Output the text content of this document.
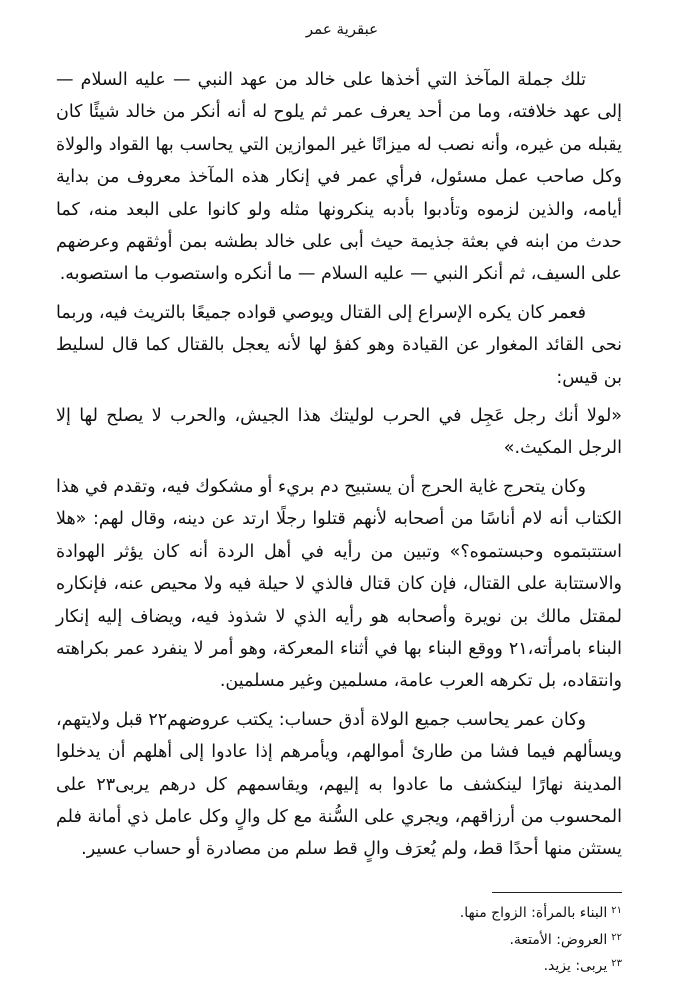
عبقرية عمر

تلك جملة المآخذ التي أخذها على خالد من عهد النبي — عليه السلام — إلى عهد خلافته، وما من أحد يعرف عمر ثم يلوح له أنه أنكر من خالد شيئًا كان يقبله من غيره، وأنه نصب له ميزانًا غير الموازين التي يحاسب بها القواد والولاة وكل صاحب عمل مسئول، فرأي عمر في إنكار هذه المآخذ معروف من بداية أيامه، والذين لزموه وتأدبوا بأدبه ينكرونها مثله ولو كانوا على البعد منه، كما حدث من ابنه في بعثة جذيمة حيث أبى على خالد بطشه بمن أوثقهم وعرضهم على السيف، ثم أنكر النبي — عليه السلام — ما أنكره واستصوب ما استصوبه.

فعمر كان يكره الإسراع إلى القتال ويوصي قواده جميعًا بالتريث فيه، وربما نحى القائد المغوار عن القيادة وهو كفؤ لها لأنه يعجل بالقتال كما قال لسليط بن قيس:

«لولا أنك رجل عَجِل في الحرب لوليتك هذا الجيش، والحرب لا يصلح لها إلا الرجل المكيث.»

وكان يتحرج غاية الحرج أن يستبيح دم بريء أو مشكوك فيه، وتقدم في هذا الكتاب أنه لام أناسًا من أصحابه لأنهم قتلوا رجلًا ارتد عن دينه، وقال لهم: «هلا استتبتموه وحبستموه؟» وتبين من رأيه في أهل الردة أنه كان يؤثر الهوادة والاستتابة على القتال، فإن كان قتال فالذي لا حيلة فيه ولا محيص عنه، فإنكاره لمقتل مالك بن نويرة وأصحابه هو رأيه الذي لا شذوذ فيه، ويضاف إليه إنكار البناء بامرأته،٢١ ووقع البناء بها في أثناء المعركة، وهو أمر لا ينفرد عمر بكراهته وانتقاده، بل تكرهه العرب عامة، مسلمين وغير مسلمين.

وكان عمر يحاسب جميع الولاة أدق حساب: يكتب عروضهم٢٢ قبل ولايتهم، ويسألهم فيما فشا من طارئ أموالهم، ويأمرهم إذا عادوا إلى أهلهم أن يدخلوا المدينة نهارًا لينكشف ما عادوا به إليهم، ويقاسمهم كل درهم يربى٢٣ على المحسوب من أرزاقهم، ويجري على السُّنة مع كل والٍ وكل عامل ذي أمانة فلم يستثن منها أحدًا قط، ولم يُعرَف والٍ قط سلم من مصادرة أو حساب عسير.

$^{٢١}$البناء بالمرأة: الزواج منها.
$^{٢٢}$العروض: الأمتعة.
$^{٢٣}$يربى: يزيد.
